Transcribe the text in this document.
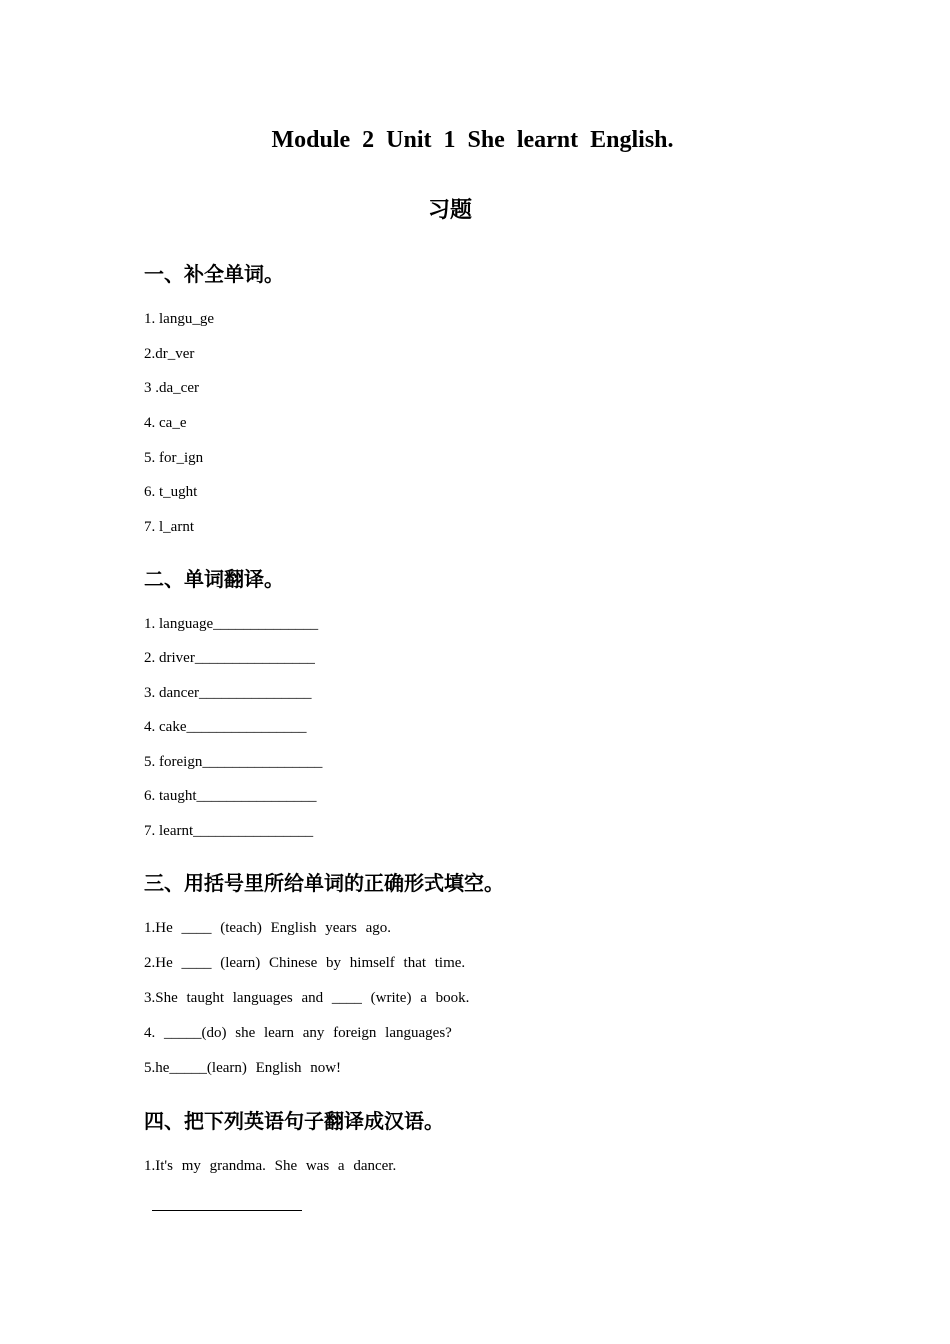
Module 2 Unit 1 She learnt English.
习题
一、补全单词。

1. langu_ge

2.dr_ver

3 .da_cer

4. ca_e

5. for_ign

6. t_ught

7. l_arnt

二、单词翻译。

1. language______________

2. driver________________

3. dancer_______________

4. cake________________

5. foreign________________

6. taught________________

7. learnt________________

三、用括号里所给单词的正确形式填空。

1.He ____ (teach) English years ago.

2.He ____ (learn) Chinese by himself that time.

3.She taught languages and ____ (write) a book.

4. _____(do) she learn any foreign languages?

5.he_____(learn) English now!

四、把下列英语句子翻译成汉语。

1.It's my grandma. She was a dancer.
